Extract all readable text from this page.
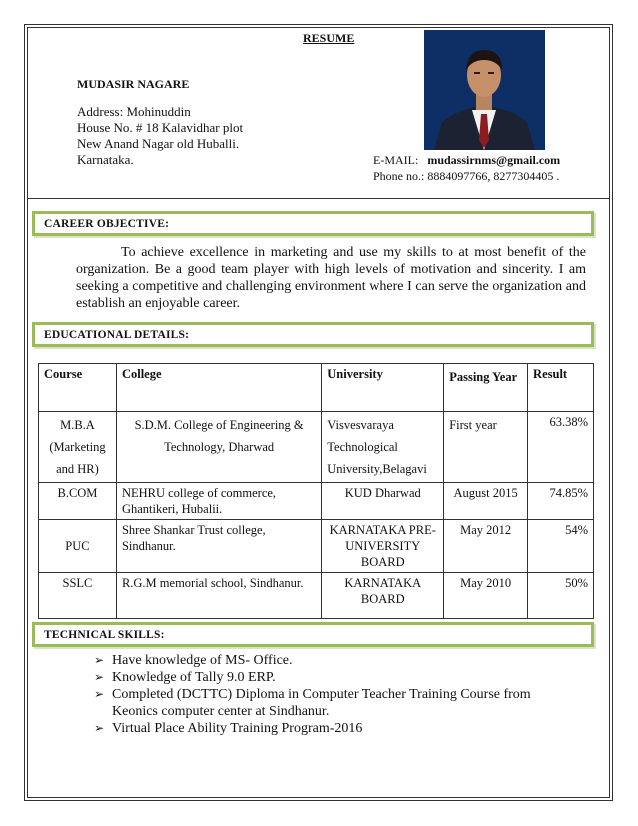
RESUME
MUDASIR NAGARE
Address: Mohinuddin
House No. # 18 Kalavidhar plot
New Anand Nagar old Huballi.
Karnataka.	E-MAIL: mudassirnms@gmail.com
Phone no.: 8884097766, 8277304405 .
CAREER OBJECTIVE:
To achieve excellence in marketing and use my skills to at most benefit of the organization. Be a good team player with high levels of motivation and sincerity. I am seeking a competitive and challenging environment where I can serve the organization and establish an enjoyable career.
EDUCATIONAL DETAILS:
Course	College	University	Passing Year	Result
M.B.A (Marketing and HR)	S.D.M. College of Engineering & Technology, Dharwad	Visvesvaraya Technological University,Belagavi	First year	63.38%
B.COM	NEHRU college of commerce, Ghantikeri, Hubalii.	KUD Dharwad	August 2015	74.85%
PUC	Shree Shankar Trust college, Sindhanur.	KARNATAKA PRE-UNIVERSITY BOARD	May 2012	54%
SSLC	R.G.M memorial school, Sindhanur.	KARNATAKA BOARD	May 2010	50%
TECHNICAL SKILLS:
➢ Have knowledge of MS- Office.
➢ Knowledge of Tally 9.0 ERP.
➢ Completed (DCTTC) Diploma in Computer Teacher Training Course from Keonics computer center at Sindhanur.
➢ Virtual Place Ability Training Program-2016
